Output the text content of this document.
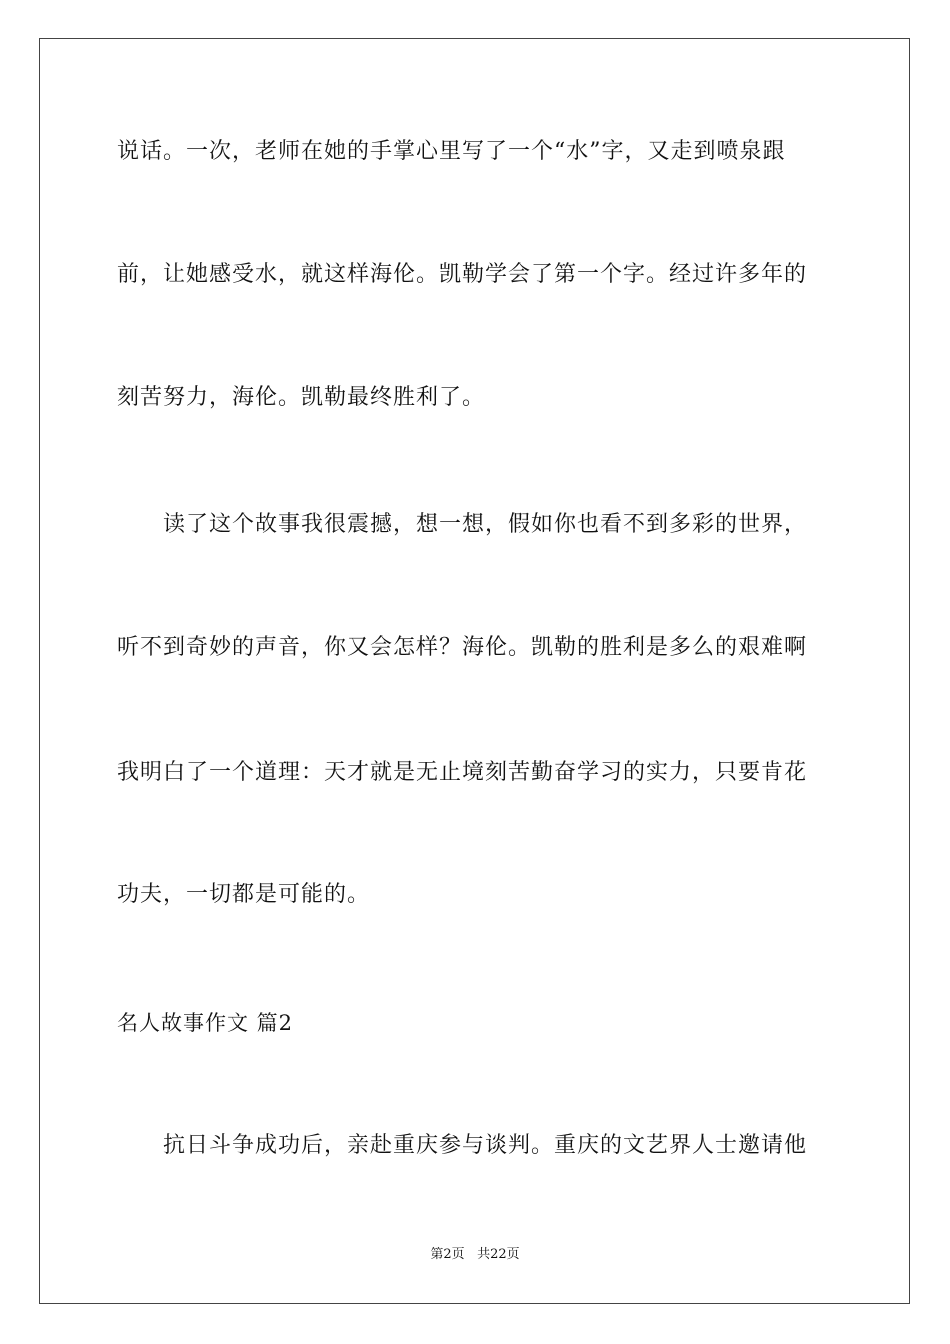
说话。一次，老师在她的手掌心里写了一个“水”字，又走到喷泉跟
前，让她感受水，就这样海伦。凯勒学会了第一个字。经过许多年的
刻苦努力，海伦。凯勒最终胜利了。
读了这个故事我很震撼，想一想，假如你也看不到多彩的世界，
听不到奇妙的声音，你又会怎样？海伦。凯勒的胜利是多么的艰难啊
我明白了一个道理：天才就是无止境刻苦勤奋学习的实力，只要肯花
功夫，一切都是可能的。
名人故事作文 篇2
抗日斗争成功后，亲赴重庆参与谈判。重庆的文艺界人士邀请他
第2页 共22页
